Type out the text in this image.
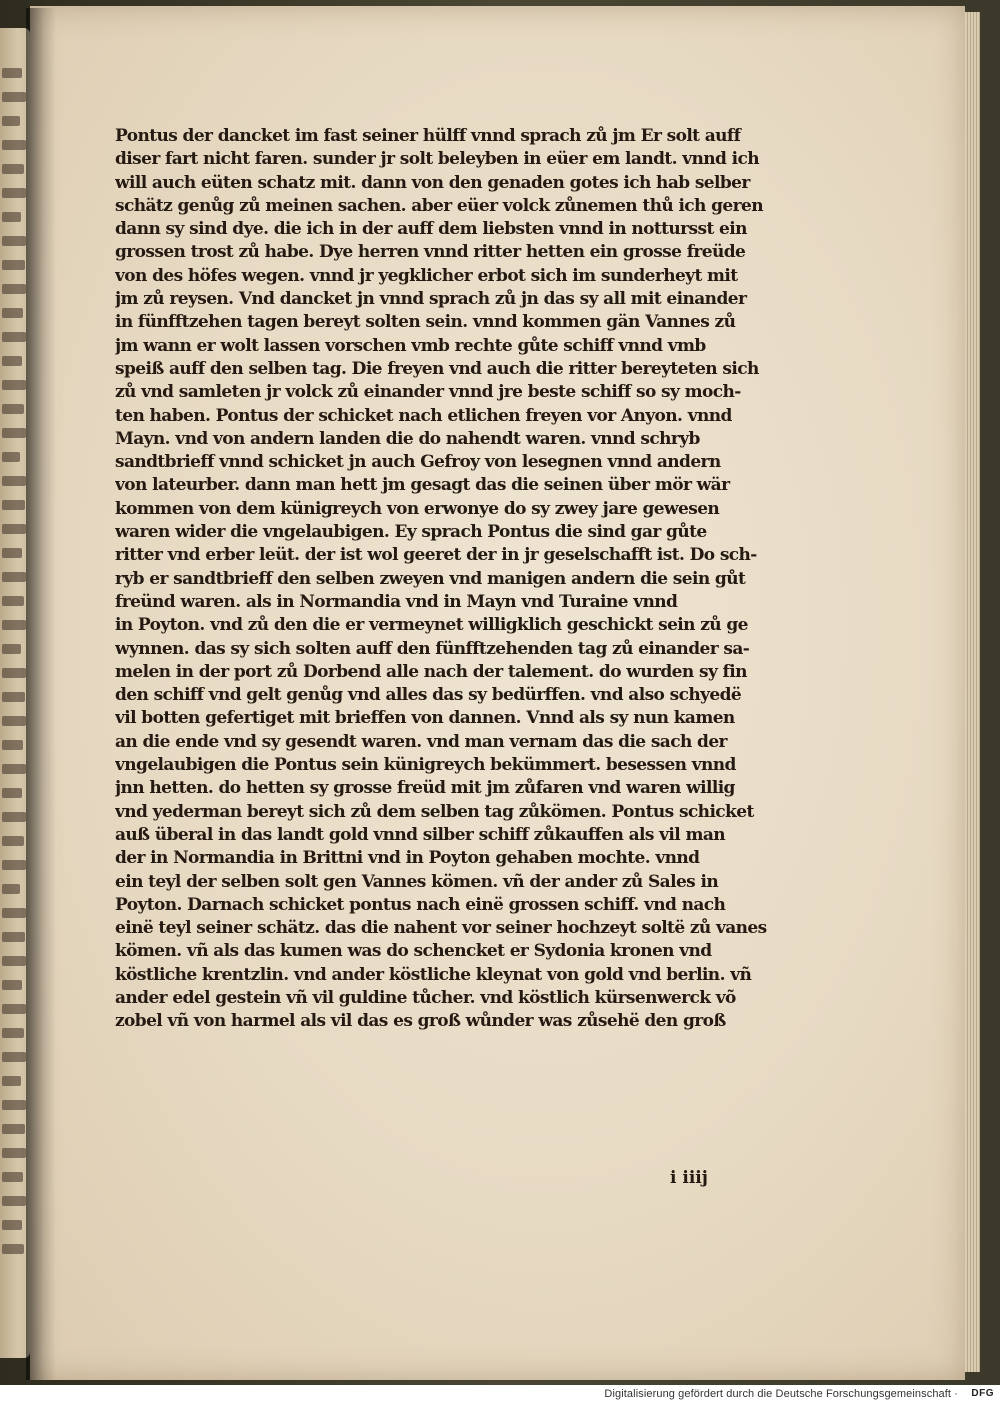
Pontus der dancket im fast seiner hülff vnnd sprach zů jm Er solt auff
diser fart nicht faren. sunder jr solt beleyben in eüer em landt. vnnd ich
will auch eüten schatz mit. dann von den genaden gotes ich hab selber
schätz genůg zů meinen sachen. aber eüer volck zůnemen thů ich geren
dann sy sind dye. die ich in der auff dem liebsten vnnd in nottursst ein
grossen trost zů habe. Dye herren vnnd ritter hetten ein grosse freüde
von des höfes wegen. vnnd jr yegklicher erbot sich im sunderheyt mit
jm zů reysen. Vnd dancket jn vnnd sprach zů jn das sy all mit einander
in fünfftzehen tagen bereyt solten sein. vnnd kommen gän Vannes zů
jm wann er wolt lassen vorschen vmb rechte gůte schiff vnnd vmb
speiß auff den selben tag. Die freyen vnd auch die ritter bereyteten sich
zů vnd samleten jr volck zů einander vnnd jre beste schiff so sy moch-
ten haben. Pontus der schicket nach etlichen freyen vor Anyon. vnnd
Mayn. vnd von andern landen die do nahendt waren. vnnd schryb
sandtbrieff vnnd schicket jn auch Gefroy von lesegnen vnnd andern
von lateurber. dann man hett jm gesagt das die seinen über mör wär
kommen von dem künigreych von erwonye do sy zwey jare gewesen
waren wider die vngelaubigen. Ey sprach Pontus die sind gar gůte
ritter vnd erber leüt. der ist wol geeret der in jr geselschafft ist. Do sch-
ryb er sandtbrieff den selben zweyen vnd manigen andern die sein gůt
freünd waren. als in Normandia vnd in Mayn vnd Turaine vnnd
in Poyton. vnd zů den die er vermeynet willigklich geschickt sein zů ge
wynnen. das sy sich solten auff den fünfftzehenden tag zů einander sa-
melen in der port zů Dorbend alle nach der talement. do wurden sy fin
den schiff vnd gelt genůg vnd alles das sy bedürffen. vnd also schyedë
vil botten gefertiget mit brieffen von dannen. Vnnd als sy nun kamen
an die ende vnd sy gesendt waren. vnd man vernam das die sach der
vngelaubigen die Pontus sein künigreych bekümmert. besessen vnnd
jnn hetten. do hetten sy grosse freüd mit jm zůfaren vnd waren willig
vnd yederman bereyt sich zů dem selben tag zůkömen. Pontus schicket
auß überal in das landt gold vnnd silber schiff zůkauffen als vil man
der in Normandia in Brittni vnd in Poyton gehaben mochte. vnnd
ein teyl der selben solt gen Vannes kömen. vñ der ander zů Sales in
Poyton. Darnach schicket pontus nach einë grossen schiff. vnd nach
einë teyl seiner schätz. das die nahent vor seiner hochzeyt soltë zů vanes
kömen. vñ als das kumen was do schencket er Sydonia kronen vnd
köstliche krentzlin. vnd ander köstliche kleynat von gold vnd berlin. vñ
ander edel gestein vñ vil guldine tůcher. vnd köstlich kürsenwerck võ
zobel vñ von harmel als vil das es groß wůnder was zůsehë den groß
i iiij
Digitalisierung gefördert durch die Deutsche Forschungsgemeinschaft · DFG
